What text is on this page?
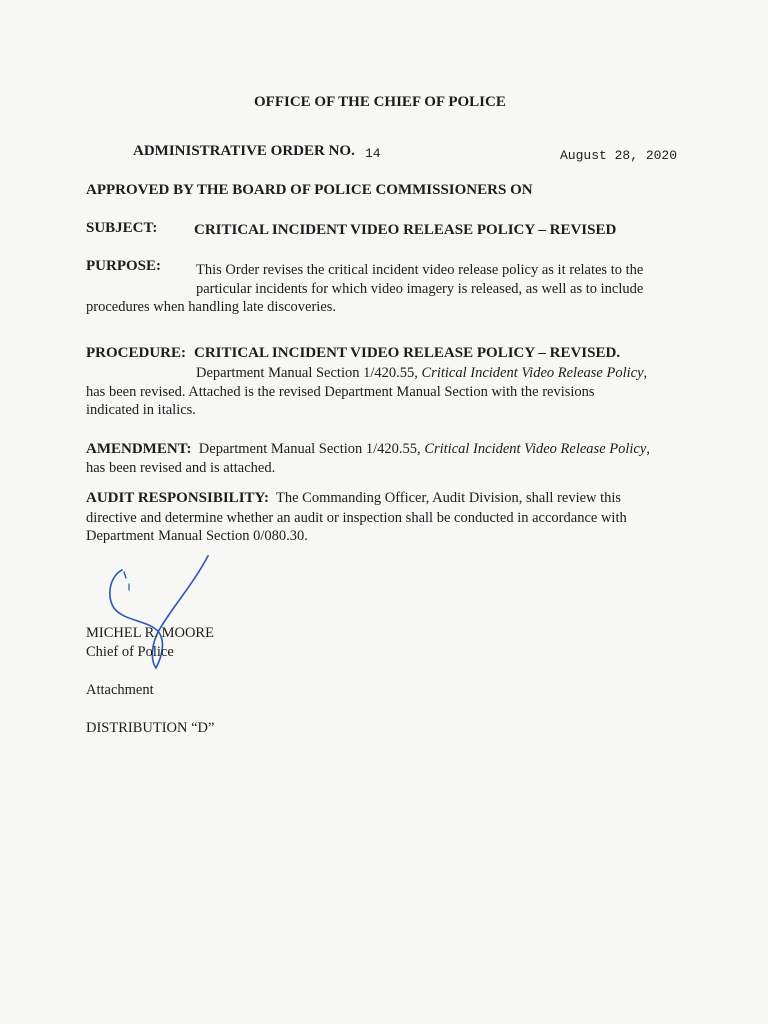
OFFICE OF THE CHIEF OF POLICE
ADMINISTRATIVE ORDER NO. 14	August 28, 2020
APPROVED BY THE BOARD OF POLICE COMMISSIONERS ON
SUBJECT: CRITICAL INCIDENT VIDEO RELEASE POLICY – REVISED
PURPOSE: This Order revises the critical incident video release policy as it relates to the
particular incidents for which video imagery is released, as well as to include
procedures when handling late discoveries.
PROCEDURE: CRITICAL INCIDENT VIDEO RELEASE POLICY – REVISED.
Department Manual Section 1/420.55, Critical Incident Video Release Policy,
has been revised. Attached is the revised Department Manual Section with the revisions
indicated in italics.
AMENDMENT: Department Manual Section 1/420.55, Critical Incident Video Release Policy,
has been revised and is attached.
AUDIT RESPONSIBILITY: The Commanding Officer, Audit Division, shall review this
directive and determine whether an audit or inspection shall be conducted in accordance with
Department Manual Section 0/080.30.
MICHEL R. MOORE
Chief of Police
Attachment
DISTRIBUTION “D”
